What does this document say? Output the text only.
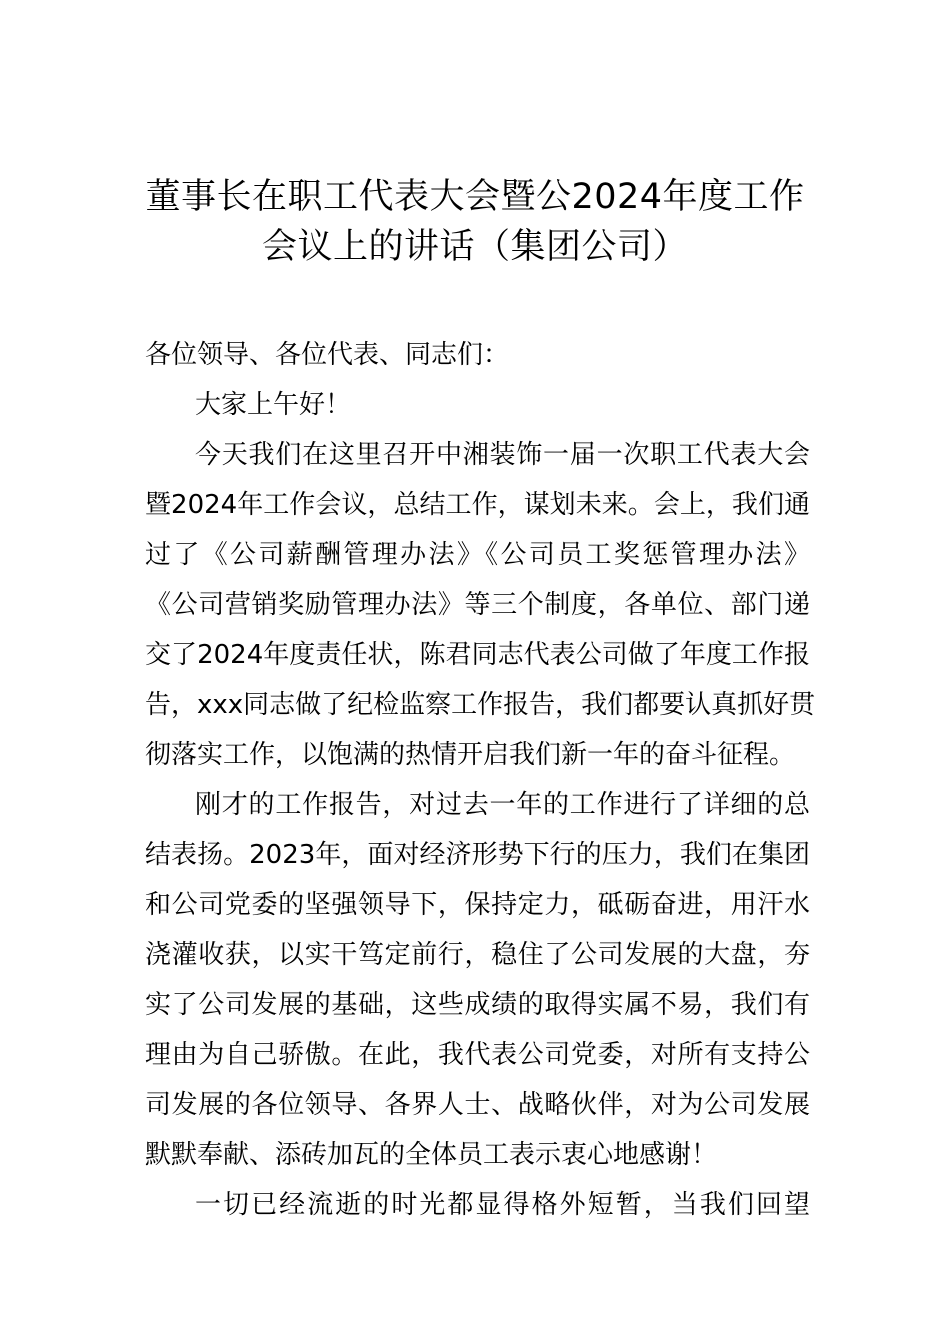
董事长在职工代表大会暨公2024年度工作
会议上的讲话（集团公司）
各位领导、各位代表、同志们：
大家上午好！
今天我们在这里召开中湘装饰一届一次职工代表大会
暨2024年工作会议，总结工作，谋划未来。会上，我们通
过了《公司薪酬管理办法》《公司员工奖惩管理办法》
《公司营销奖励管理办法》等三个制度，各单位、部门递
交了2024年度责任状，陈君同志代表公司做了年度工作报
告，xxx同志做了纪检监察工作报告，我们都要认真抓好贯
彻落实工作，以饱满的热情开启我们新一年的奋斗征程。
刚才的工作报告，对过去一年的工作进行了详细的总
结表扬。2023年，面对经济形势下行的压力，我们在集团
和公司党委的坚强领导下，保持定力，砥砺奋进，用汗水
浇灌收获，以实干笃定前行，稳住了公司发展的大盘，夯
实了公司发展的基础，这些成绩的取得实属不易，我们有
理由为自己骄傲。在此，我代表公司党委，对所有支持公
司发展的各位领导、各界人士、战略伙伴，对为公司发展
默默奉献、添砖加瓦的全体员工表示衷心地感谢！
一切已经流逝的时光都显得格外短暂，当我们回望
